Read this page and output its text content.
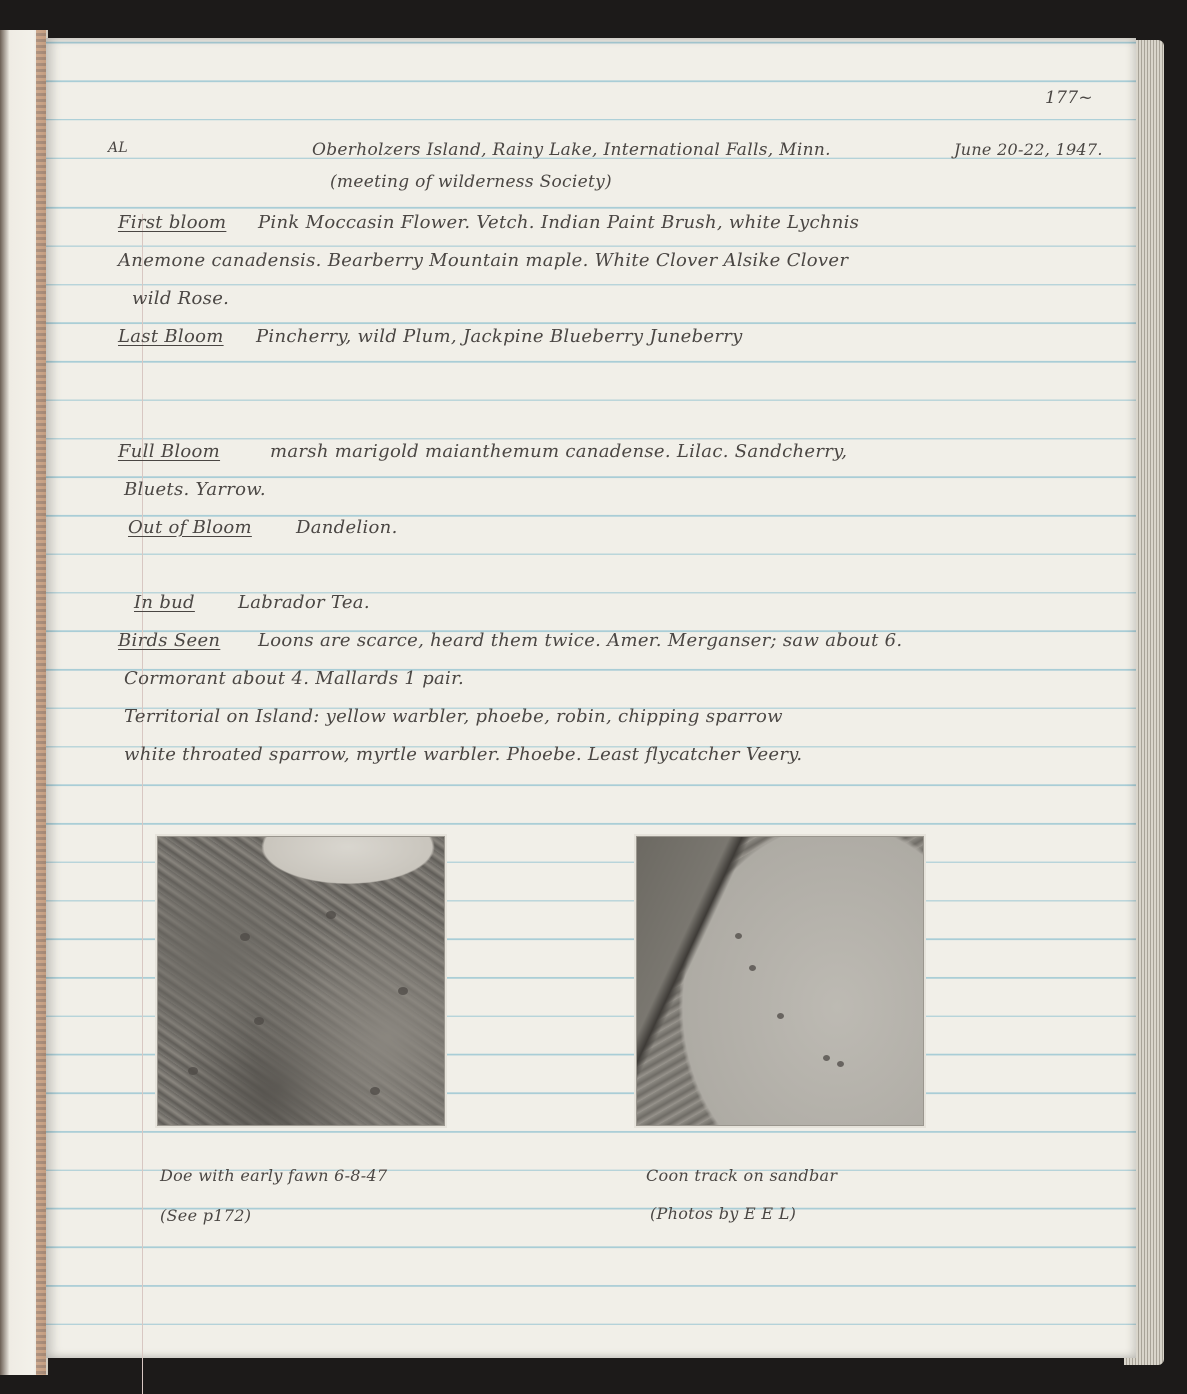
177~
AL	Oberholzers Island, Rainy Lake, International Falls, Minn.	June 20-22, 1947.
(meeting of wilderness Society)
First bloom Pink Moccasin Flower. Vetch. Indian Paint Brush, white Lychnis
Anemone canadensis. Bearberry Mountain maple. White Clover Alsike Clover
wild Rose.
Last Bloom Pincherry, wild Plum, Jackpine Blueberry Juneberry
Full Bloom	marsh marigold maianthemum canadense. Lilac. Sandcherry,
Bluets. Yarrow.
Out of Bloom Dandelion.
In bud Labrador Tea.
Birds Seen Loons are scarce, heard them twice. Amer. Merganser; saw about 6.
Cormorant about 4. Mallards 1 pair.
Territorial on Island: yellow warbler, phoebe, robin, chipping sparrow
white throated sparrow, myrtle warbler. Phoebe. Least flycatcher Veery.
Doe with early fawn 6-8-47
(See p172)
Coon track on sandbar
(Photos by E E L)
